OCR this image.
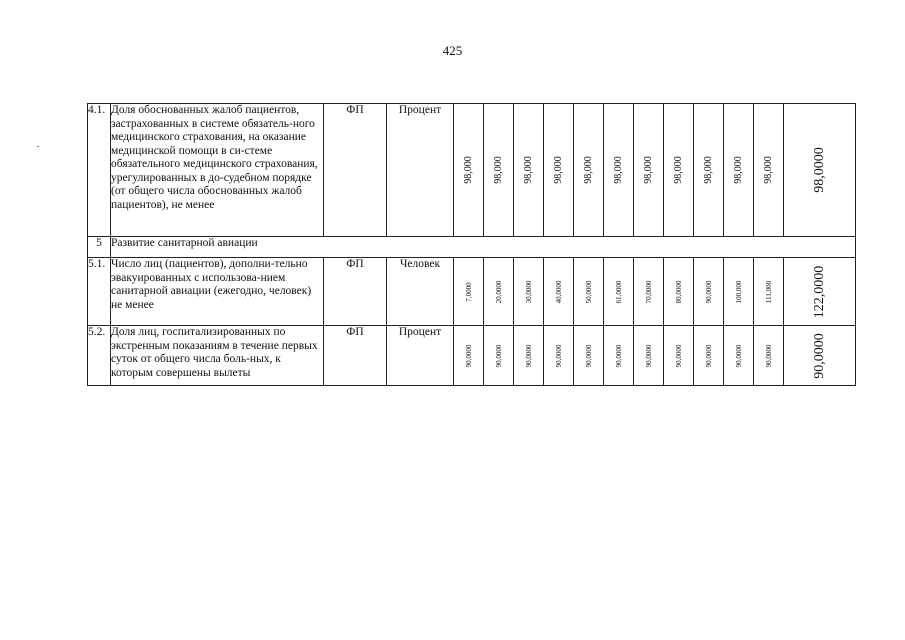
425
4.1.	Доля обоснованных жалоб пациентов, застрахованных в системе обязатель-ного медицинского страхования, на оказание медицинской помощи в си-стеме обязательного медицинского страхования, урегулированных в до-судебном порядке (от общего числа обоснованных жалоб пациентов), не менее	ФП	Процент	98,000	98,000	98,000	98,000	98,000	98,000	98,000	98,000	98,000	98,000	98,000	98,0000

5	Развитие санитарной авиации														
5.1.	Число лиц (пациентов), дополни-тельно эвакуированных с использова-нием санитарной авиации (ежегодно, человек) не менее	ФП	Человек	7,0000	20,0000	30,0000	40,0000	50,0000	61,0000	70,0000	80,0000	90,0000	100,000	111,000	122,0000

5.2.	Доля лиц, госпитализированных по экстренным показаниям в течение первых суток от общего числа боль-ных, к которым совершены вылеты	ФП	Процент	90,0000	90,0000	90,0000	90,0000	90,0000	90,0000	90,0000	90,0000	90,0000	90,0000	90,0000	90,0000
